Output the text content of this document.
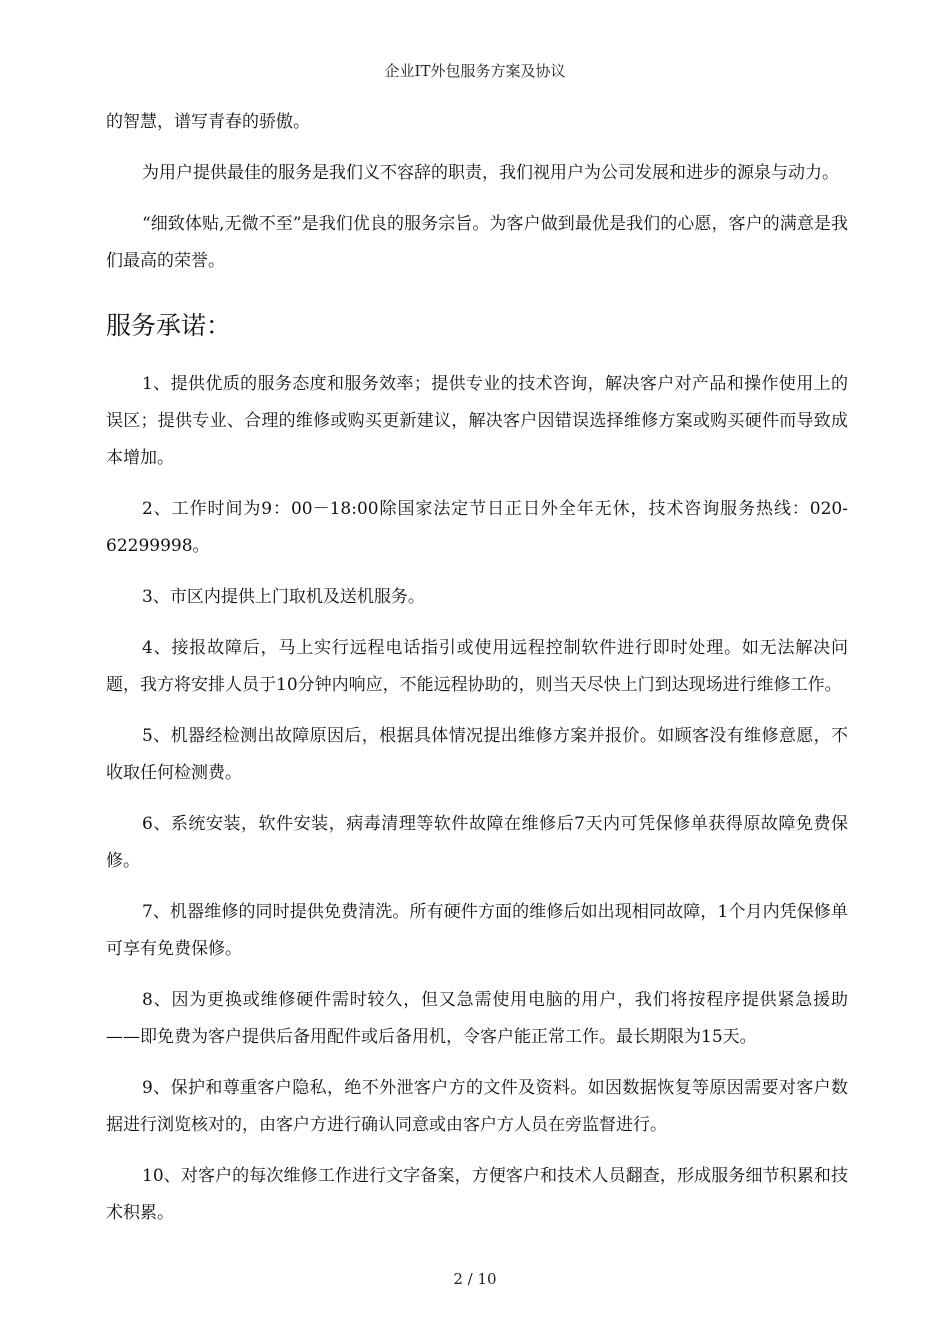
企业IT外包服务方案及协议

的智慧，谱写青春的骄傲。

为用户提供最佳的服务是我们义不容辞的职责，我们视用户为公司发展和进步的源泉与动力。

“细致体贴,无微不至”是我们优良的服务宗旨。为客户做到最优是我们的心愿，客户的满意是我们最高的荣誉。

服务承诺：

1、提供优质的服务态度和服务效率；提供专业的技术咨询，解决客户对产品和操作使用上的误区；提供专业、合理的维修或购买更新建议，解决客户因错误选择维修方案或购买硬件而导致成本增加。

2、工作时间为9：00－18:00除国家法定节日正日外全年无休，技术咨询服务热线：020-62299998。

3、市区内提供上门取机及送机服务。

4、接报故障后，马上实行远程电话指引或使用远程控制软件进行即时处理。如无法解决问题，我方将安排人员于10分钟内响应，不能远程协助的，则当天尽快上门到达现场进行维修工作。

5、机器经检测出故障原因后，根据具体情况提出维修方案并报价。如顾客没有维修意愿，不收取任何检测费。

6、系统安装，软件安装，病毒清理等软件故障在维修后7天内可凭保修单获得原故障免费保修。

7、机器维修的同时提供免费清洗。所有硬件方面的维修后如出现相同故障，1个月内凭保修单可享有免费保修。

8、因为更换或维修硬件需时较久，但又急需使用电脑的用户，我们将按程序提供紧急援助——即免费为客户提供后备用配件或后备用机，令客户能正常工作。最长期限为15天。

9、保护和尊重客户隐私，绝不外泄客户方的文件及资料。如因数据恢复等原因需要对客户数据进行浏览核对的，由客户方进行确认同意或由客户方人员在旁监督进行。

10、对客户的每次维修工作进行文字备案，方便客户和技术人员翻查，形成服务细节积累和技术积累。

2 / 10
